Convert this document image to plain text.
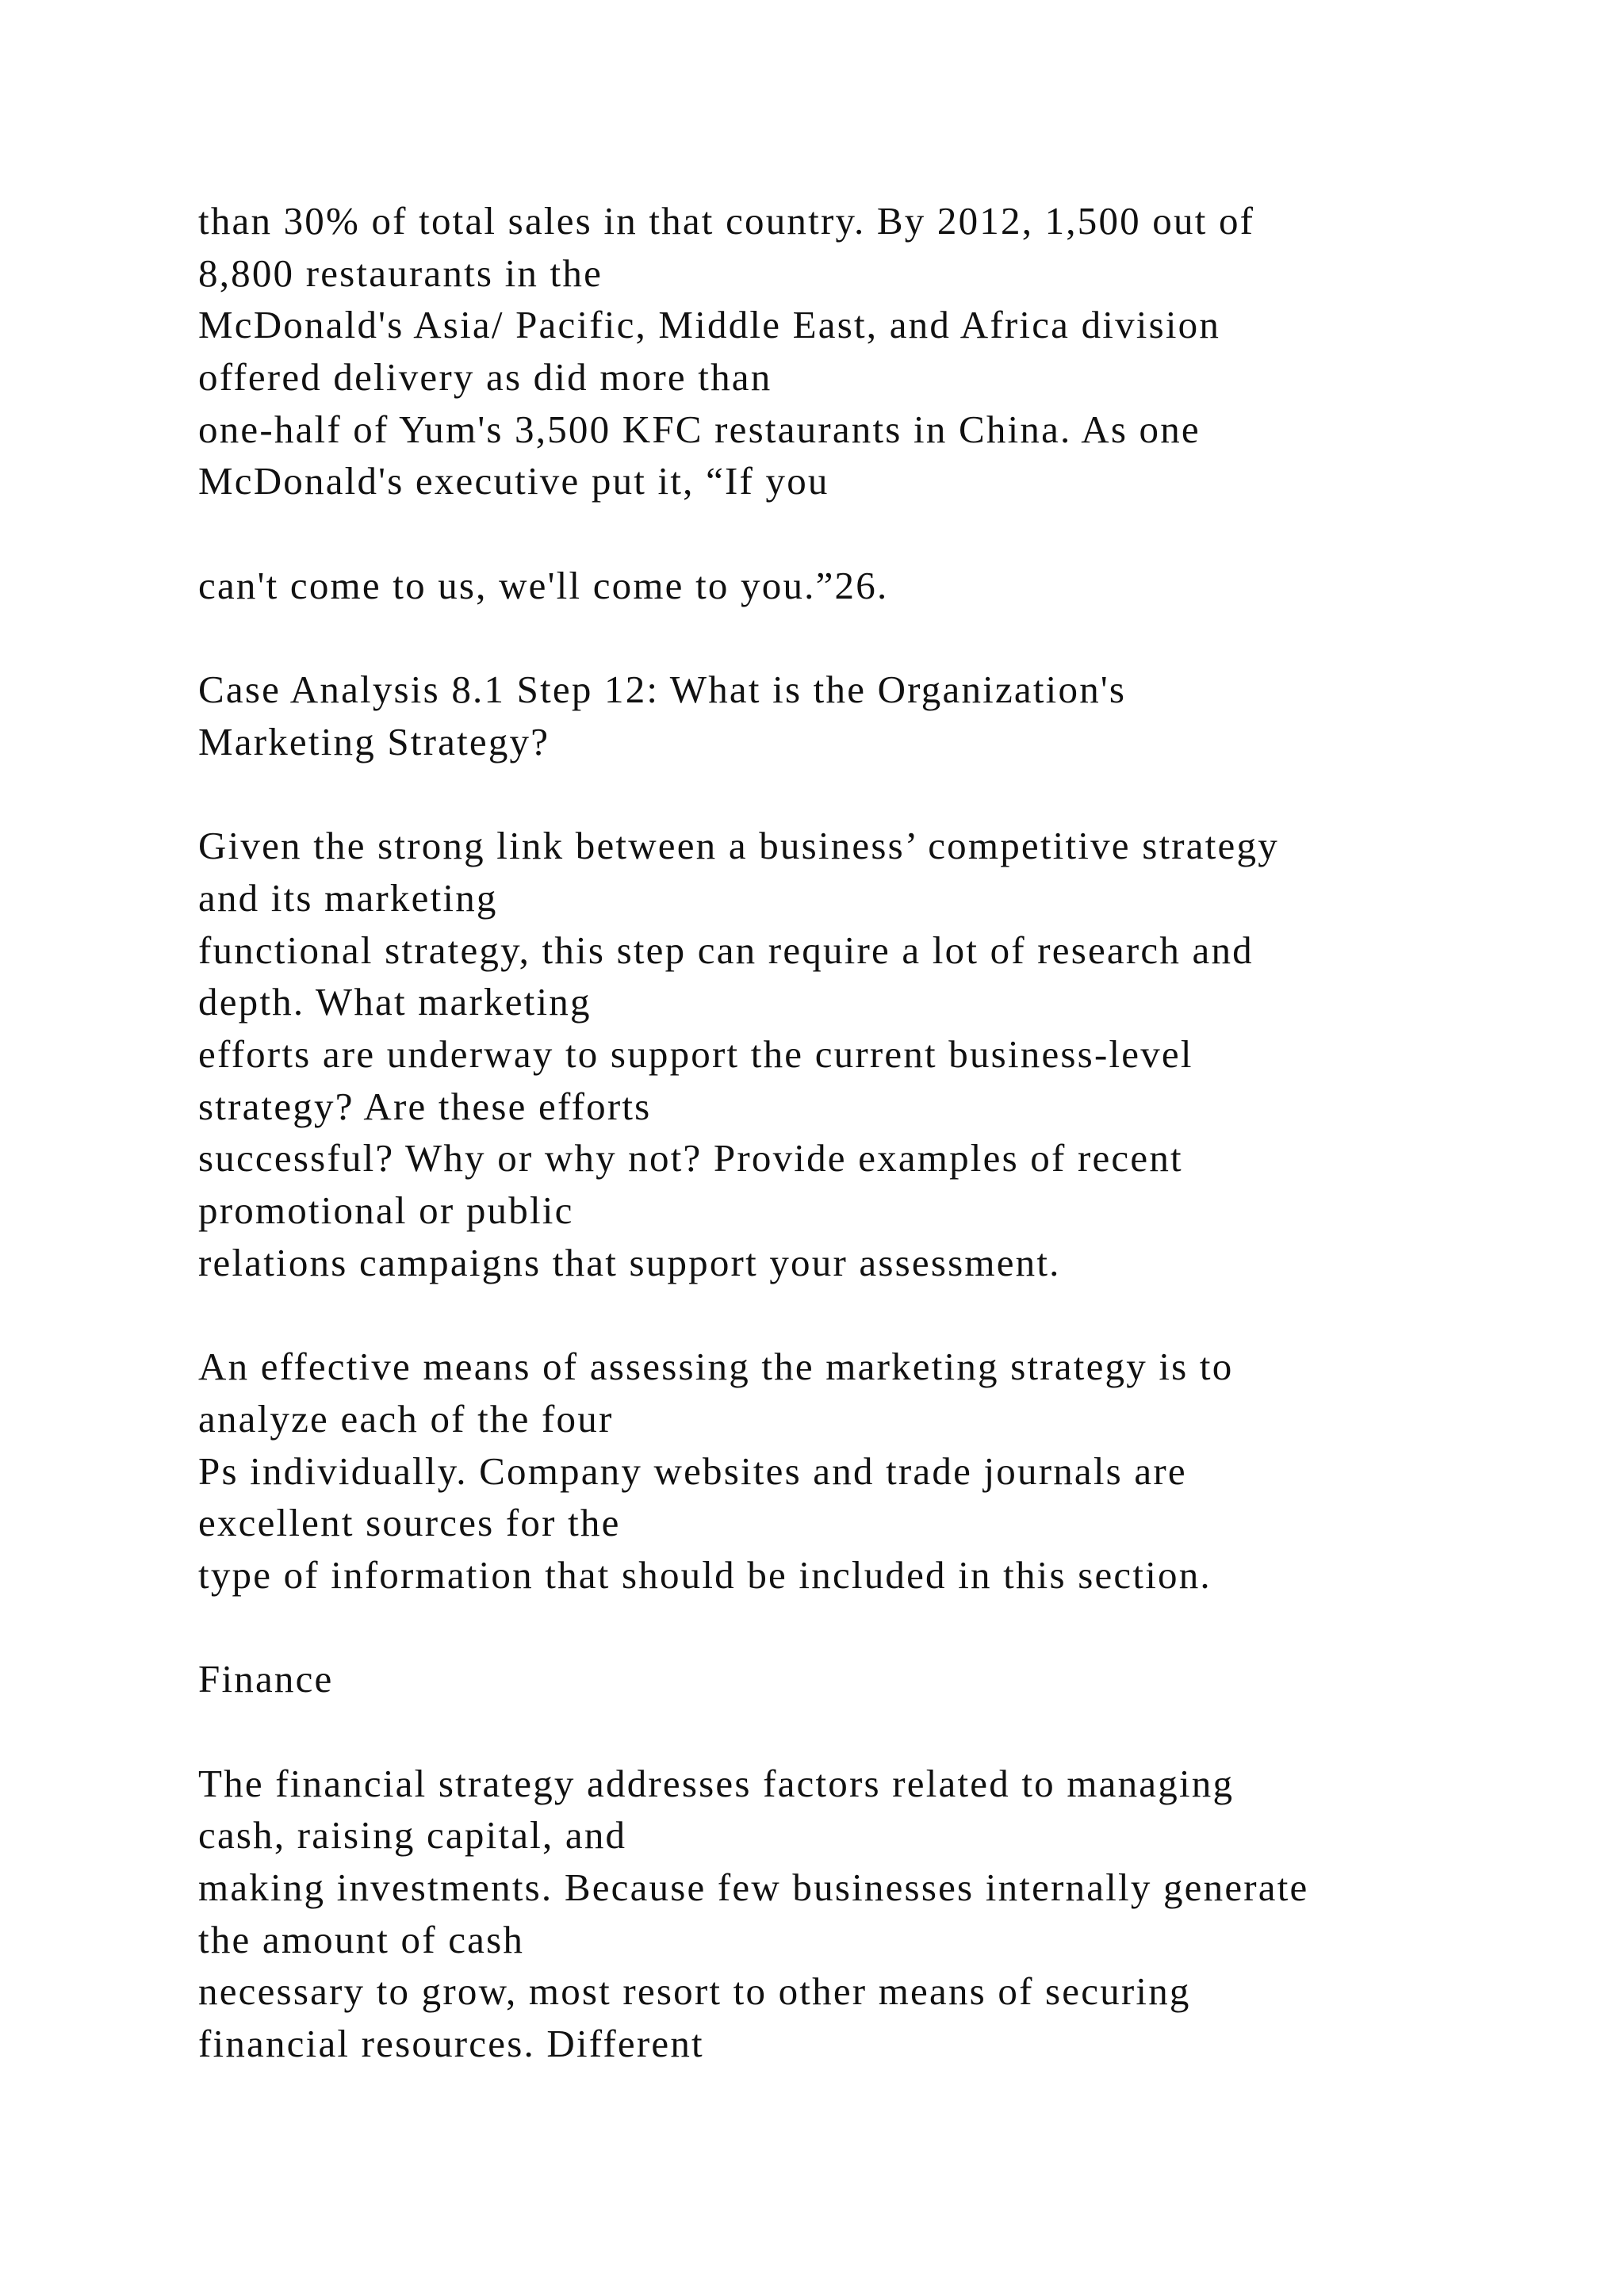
than 30% of total sales in that country. By 2012, 1,500 out of
8,800 restaurants in the
McDonald's Asia/ Pacific, Middle East, and Africa division
offered delivery as did more than
one-half of Yum's 3,500 KFC restaurants in China. As one
McDonald's executive put it, “If you
can't come to us, we'll come to you.”26.
Case Analysis 8.1 Step 12: What is the Organization's
Marketing Strategy?
Given the strong link between a business’ competitive strategy
and its marketing
functional strategy, this step can require a lot of research and
depth. What marketing
efforts are underway to support the current business-level
strategy? Are these efforts
successful? Why or why not? Provide examples of recent
promotional or public
relations campaigns that support your assessment.
An effective means of assessing the marketing strategy is to
analyze each of the four
Ps individually. Company websites and trade journals are
excellent sources for the
type of information that should be included in this section.
Finance
The financial strategy addresses factors related to managing
cash, raising capital, and
making investments. Because few businesses internally generate
the amount of cash
necessary to grow, most resort to other means of securing
financial resources. Different
